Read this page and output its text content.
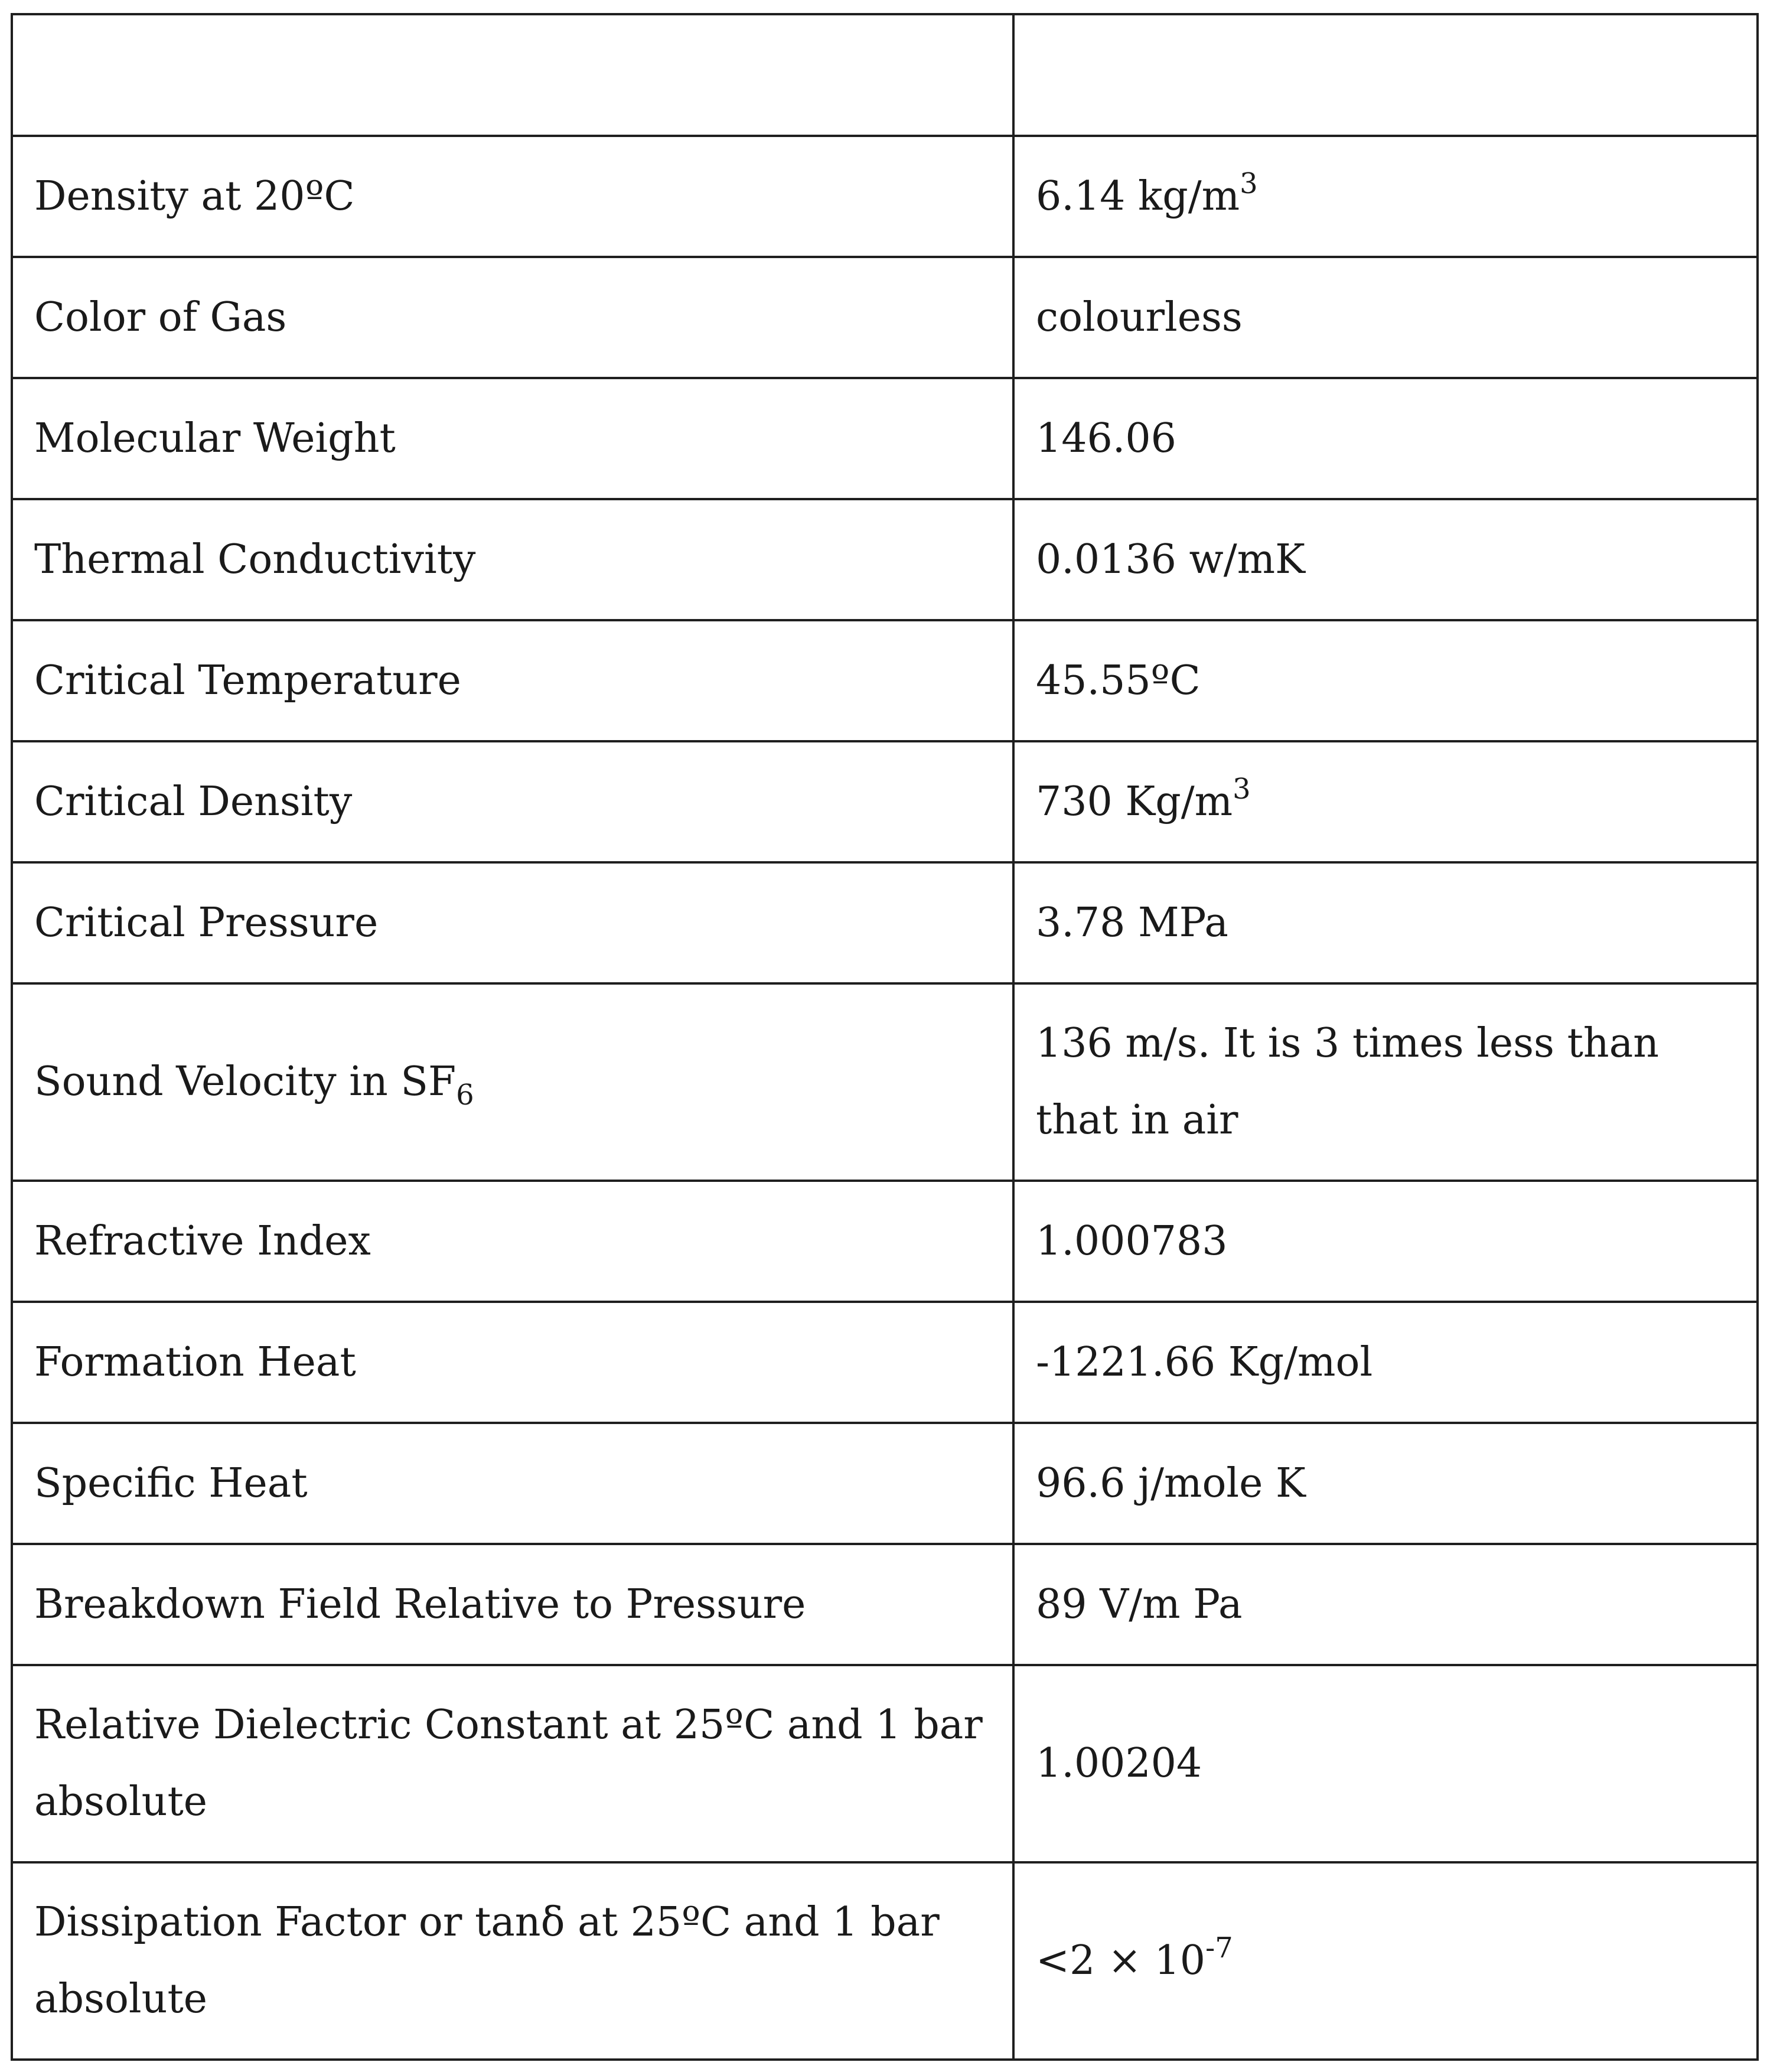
Density at 20ºC	6.14 $kg/m^3$
Color of Gas	colourless
Molecular Weight	146.06
Thermal Conductivity	0.0136 w/mK
Critical Temperature	45.55ºC
Critical Density	730 $Kg/m^3$
Critical Pressure	3.78 MPa
Sound Velocity in $SF_6$	136 m/s. It is 3 times less than that in air
Refractive Index	1.000783
Formation Heat	-1221.66 Kg/mol
Specific Heat	96.6 j/mole K
Breakdown Field Relative to Pressure	89 V/m Pa
Relative Dielectric Constant at 25ºC and 1 bar absolute	1.00204
Dissipation Factor or tanδ at 25ºC and 1 bar absolute	$<2 \times 10^{-7}$
